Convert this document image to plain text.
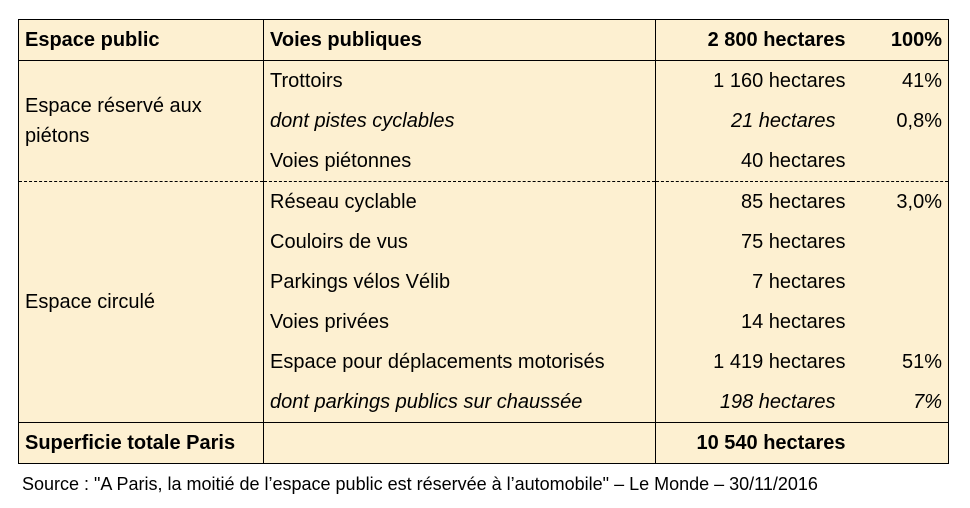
Espace public	Voies publiques	2 800 hectares	100%
Espace réservé aux piétons	Trottoirs	1 160 hectares	41%
	dont pistes cyclables	21 hectares	0,8%
	Voies piétonnes	40 hectares	
Espace circulé	Réseau cyclable	85 hectares	3,0%
	Couloirs de vus	75 hectares	
	Parkings vélos Vélib	7 hectares	
	Voies privées	14 hectares	
	Espace pour déplacements motorisés	1 419 hectares	51%
	dont parkings publics sur chaussée	198 hectares	7%
Superficie totale Paris		10 540 hectares	
Source : "A Paris, la moitié de l’espace public est réservée à l’automobile" – Le Monde – 30/11/2016
